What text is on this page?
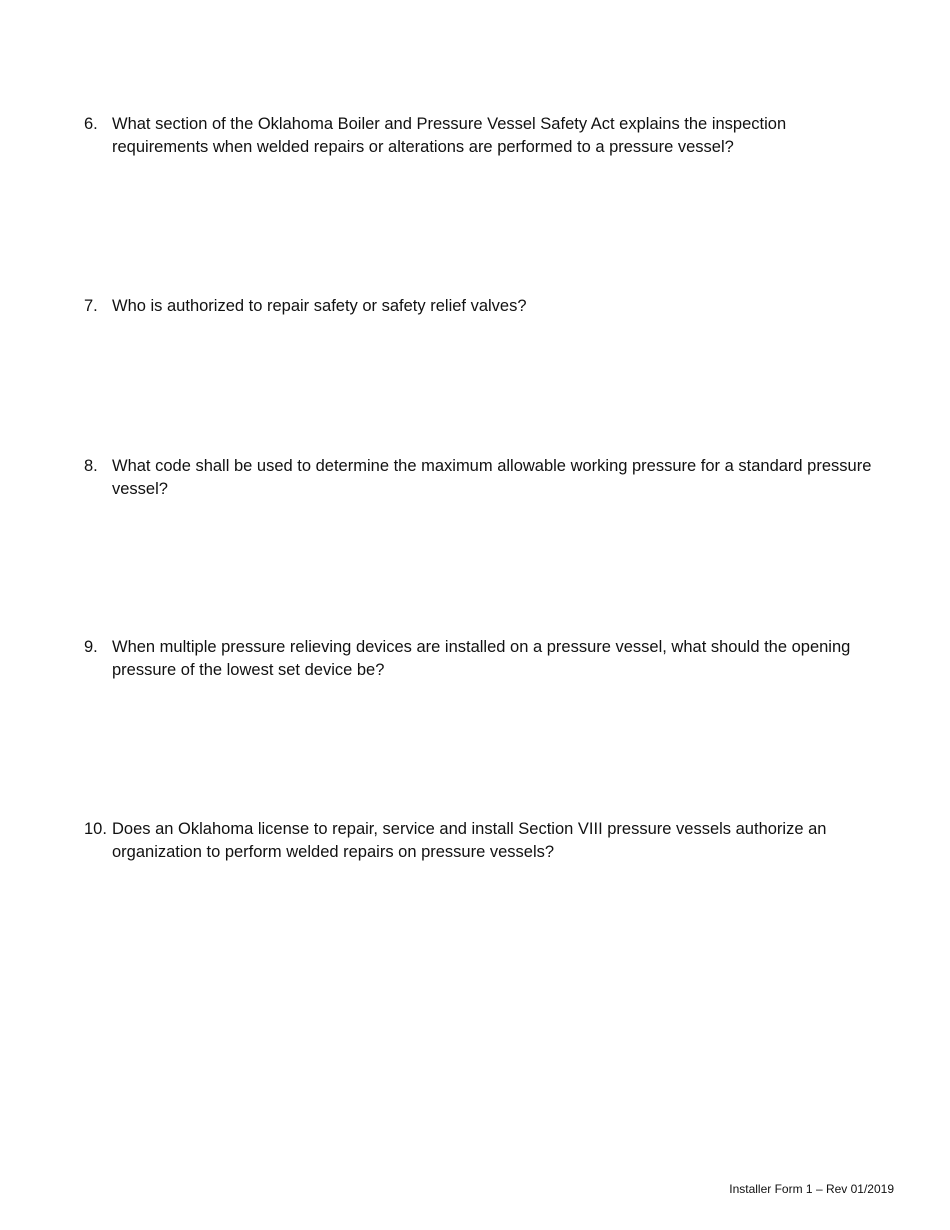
6. What section of the Oklahoma Boiler and Pressure Vessel Safety Act explains the inspection requirements when welded repairs or alterations are performed to a pressure vessel?
7. Who is authorized to repair safety or safety relief valves?
8. What code shall be used to determine the maximum allowable working pressure for a standard pressure vessel?
9. When multiple pressure relieving devices are installed on a pressure vessel, what should the opening pressure of the lowest set device be?
10. Does an Oklahoma license to repair, service and install Section VIII pressure vessels authorize an organization to perform welded repairs on pressure vessels?
Installer Form 1 – Rev 01/2019
